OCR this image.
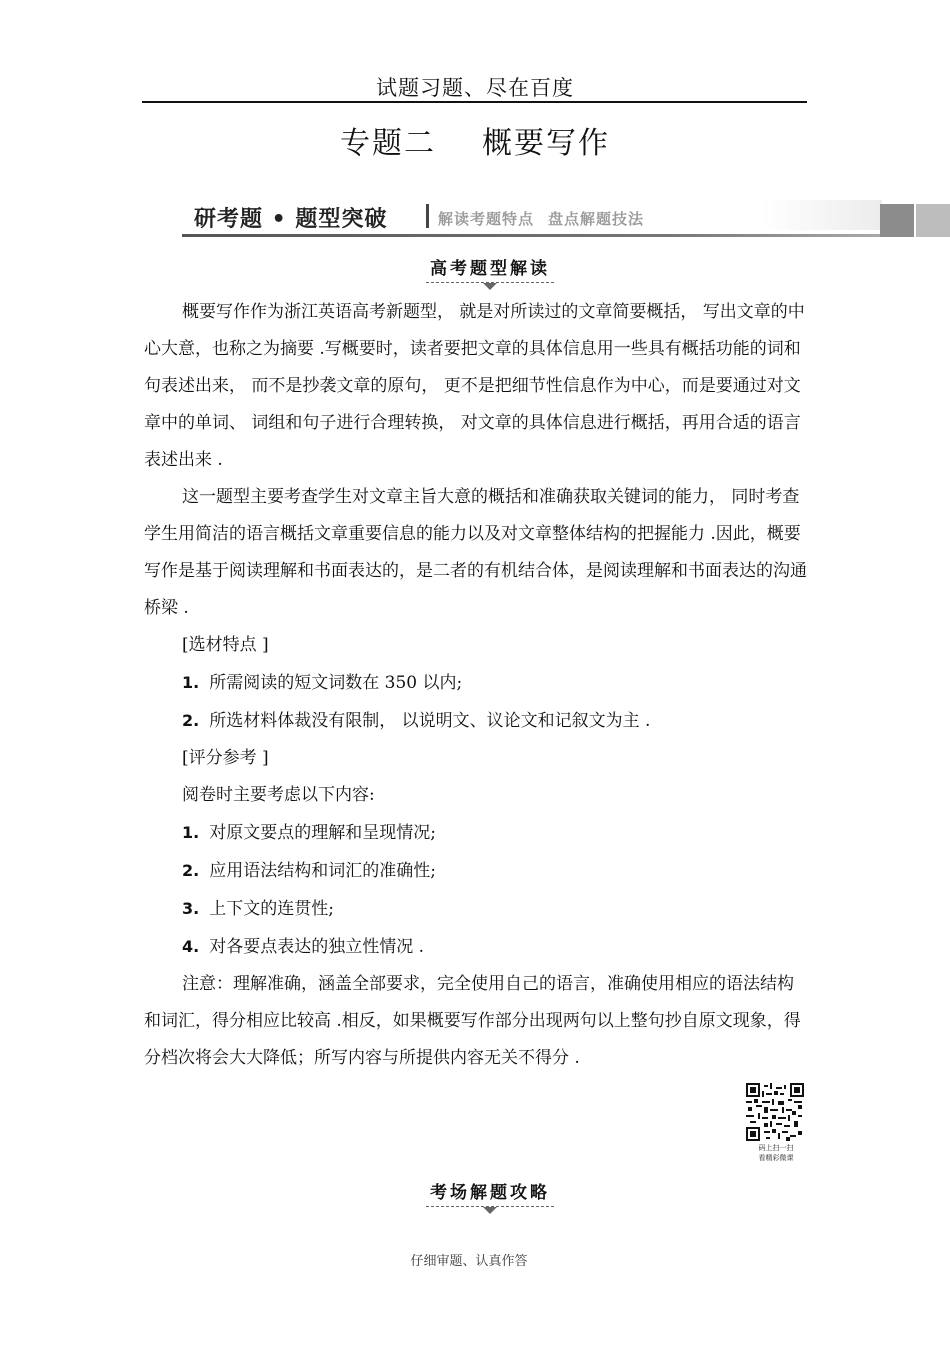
试题习题、尽在百度
专题二 概要写作
研考题 • 题型突破	解读考题特点 盘点解题技法
高考题型解读

概要写作作为浙江英语高考新题型， 就是对所读过的文章简要概括， 写出文章的中心大意，也称之为摘要 .写概要时，读者要把文章的具体信息用一些具有概括功能的词和句表述出来， 而不是抄袭文章的原句， 更不是把细节性信息作为中心，而是要通过对文章中的单词、 词组和句子进行合理转换， 对文章的具体信息进行概括，再用合适的语言表述出来 .

这一题型主要考查学生对文章主旨大意的概括和准确获取关键词的能力， 同时考查学生用简洁的语言概括文章重要信息的能力以及对文章整体结构的把握能力 .因此，概要写作是基于阅读理解和书面表达的，是二者的有机结合体，是阅读理解和书面表达的沟通桥梁 .

[选材特点 ]

1. 所需阅读的短文词数在 350 以内;

2. 所选材料体裁没有限制， 以说明文、议论文和记叙文为主 .

[评分参考 ]

阅卷时主要考虑以下内容:

1. 对原文要点的理解和呈现情况;

2. 应用语法结构和词汇的准确性;

3. 上下文的连贯性;

4. 对各要点表达的独立性情况 .

注意：理解准确，涵盖全部要求，完全使用自己的语言，准确使用相应的语法结构和词汇，得分相应比较高 .相反，如果概要写作部分出现两句以上整句抄自原文现象，得分档次将会大大降低；所写内容与所提供内容无关不得分 .

码上扫一扫
看精彩微课
考场解题攻略
仔细审题、认真作答
